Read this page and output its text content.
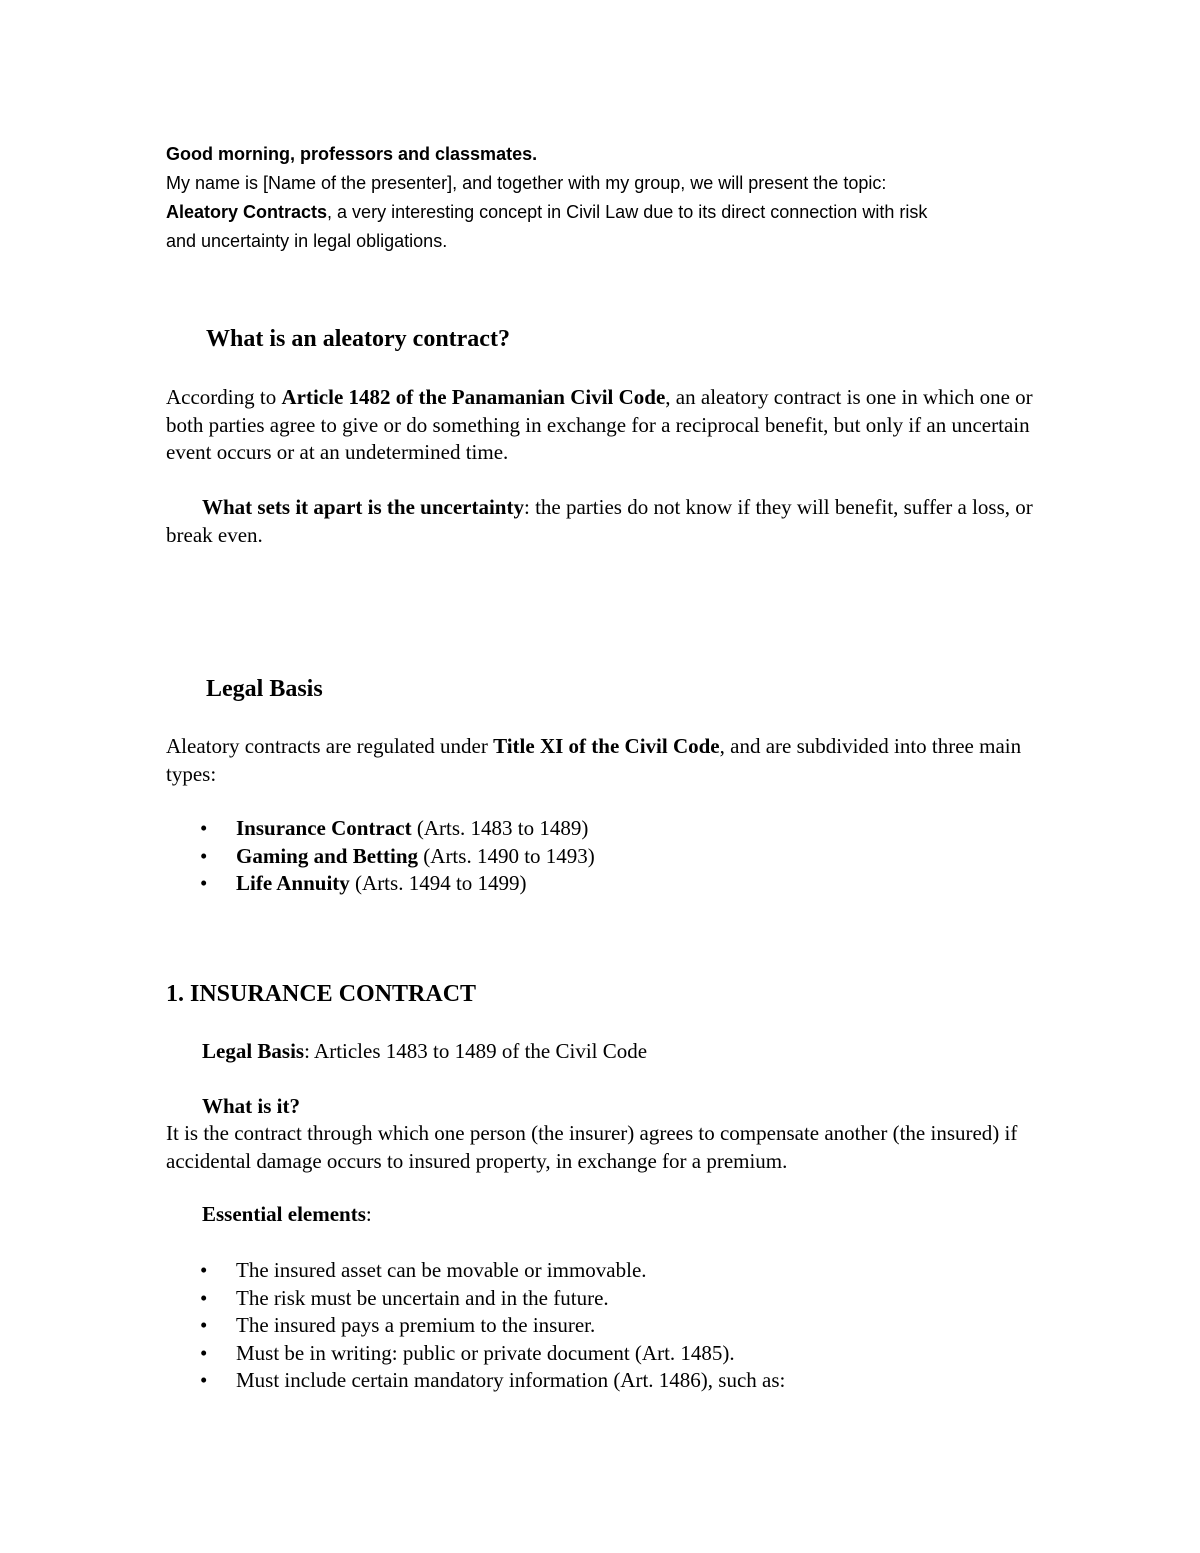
Good morning, professors and classmates.

My name is [Name of the presenter], and together with my group, we will present the topic:

Aleatory Contracts, a very interesting concept in Civil Law due to its direct connection with risk

and uncertainty in legal obligations.

What is an aleatory contract?

According to Article 1482 of the Panamanian Civil Code, an aleatory contract is one in which one or both parties agree to give or do something in exchange for a reciprocal benefit, but only if an uncertain event occurs or at an undetermined time.

What sets it apart is the uncertainty: the parties do not know if they will benefit, suffer a loss, or break even.

Legal Basis

Aleatory contracts are regulated under Title XI of the Civil Code, and are subdivided into three main types:

• Insurance Contract (Arts. 1483 to 1489)
• Gaming and Betting (Arts. 1490 to 1493)
• Life Annuity (Arts. 1494 to 1499)
1. INSURANCE CONTRACT

Legal Basis: Articles 1483 to 1489 of the Civil Code

What is it?

It is the contract through which one person (the insurer) agrees to compensate another (the insured) if accidental damage occurs to insured property, in exchange for a premium.

Essential elements:

• The insured asset can be movable or immovable.
• The risk must be uncertain and in the future.
• The insured pays a premium to the insurer.
• Must be in writing: public or private document (Art. 1485).
• Must include certain mandatory information (Art. 1486), such as:
